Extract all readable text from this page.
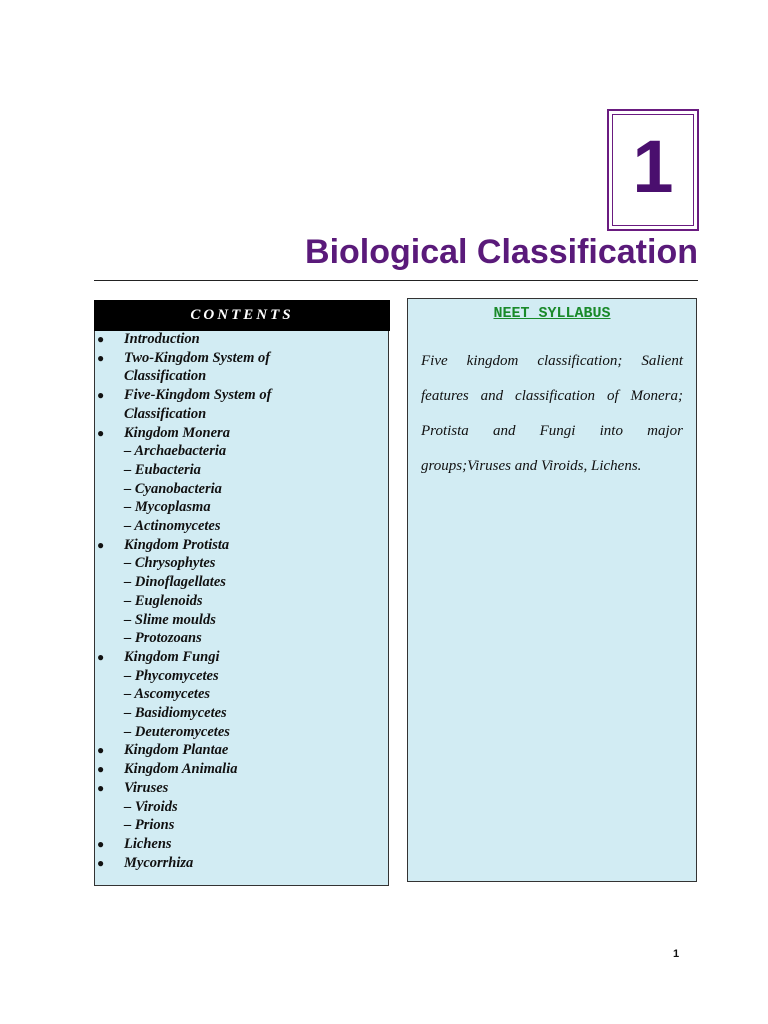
1
Biological Classification
CONTENTS
● Introduction
● Two-Kingdom System of
Classification
● Five-Kingdom System of
Classification
● Kingdom Monera
– Archaebacteria
– Eubacteria
– Cyanobacteria
– Mycoplasma
– Actinomycetes
● Kingdom Protista
– Chrysophytes
– Dinoflagellates
– Euglenoids
– Slime moulds
– Protozoans
● Kingdom Fungi
– Phycomycetes
– Ascomycetes
– Basidiomycetes
– Deuteromycetes
● Kingdom Plantae
● Kingdom Animalia
● Viruses
– Viroids
– Prions
● Lichens
● Mycorrhiza
NEET SYLLABUS
Five kingdom classification; Salient features and classification of Monera; Protista and Fungi into major groups;Viruses and Viroids, Lichens.
1
